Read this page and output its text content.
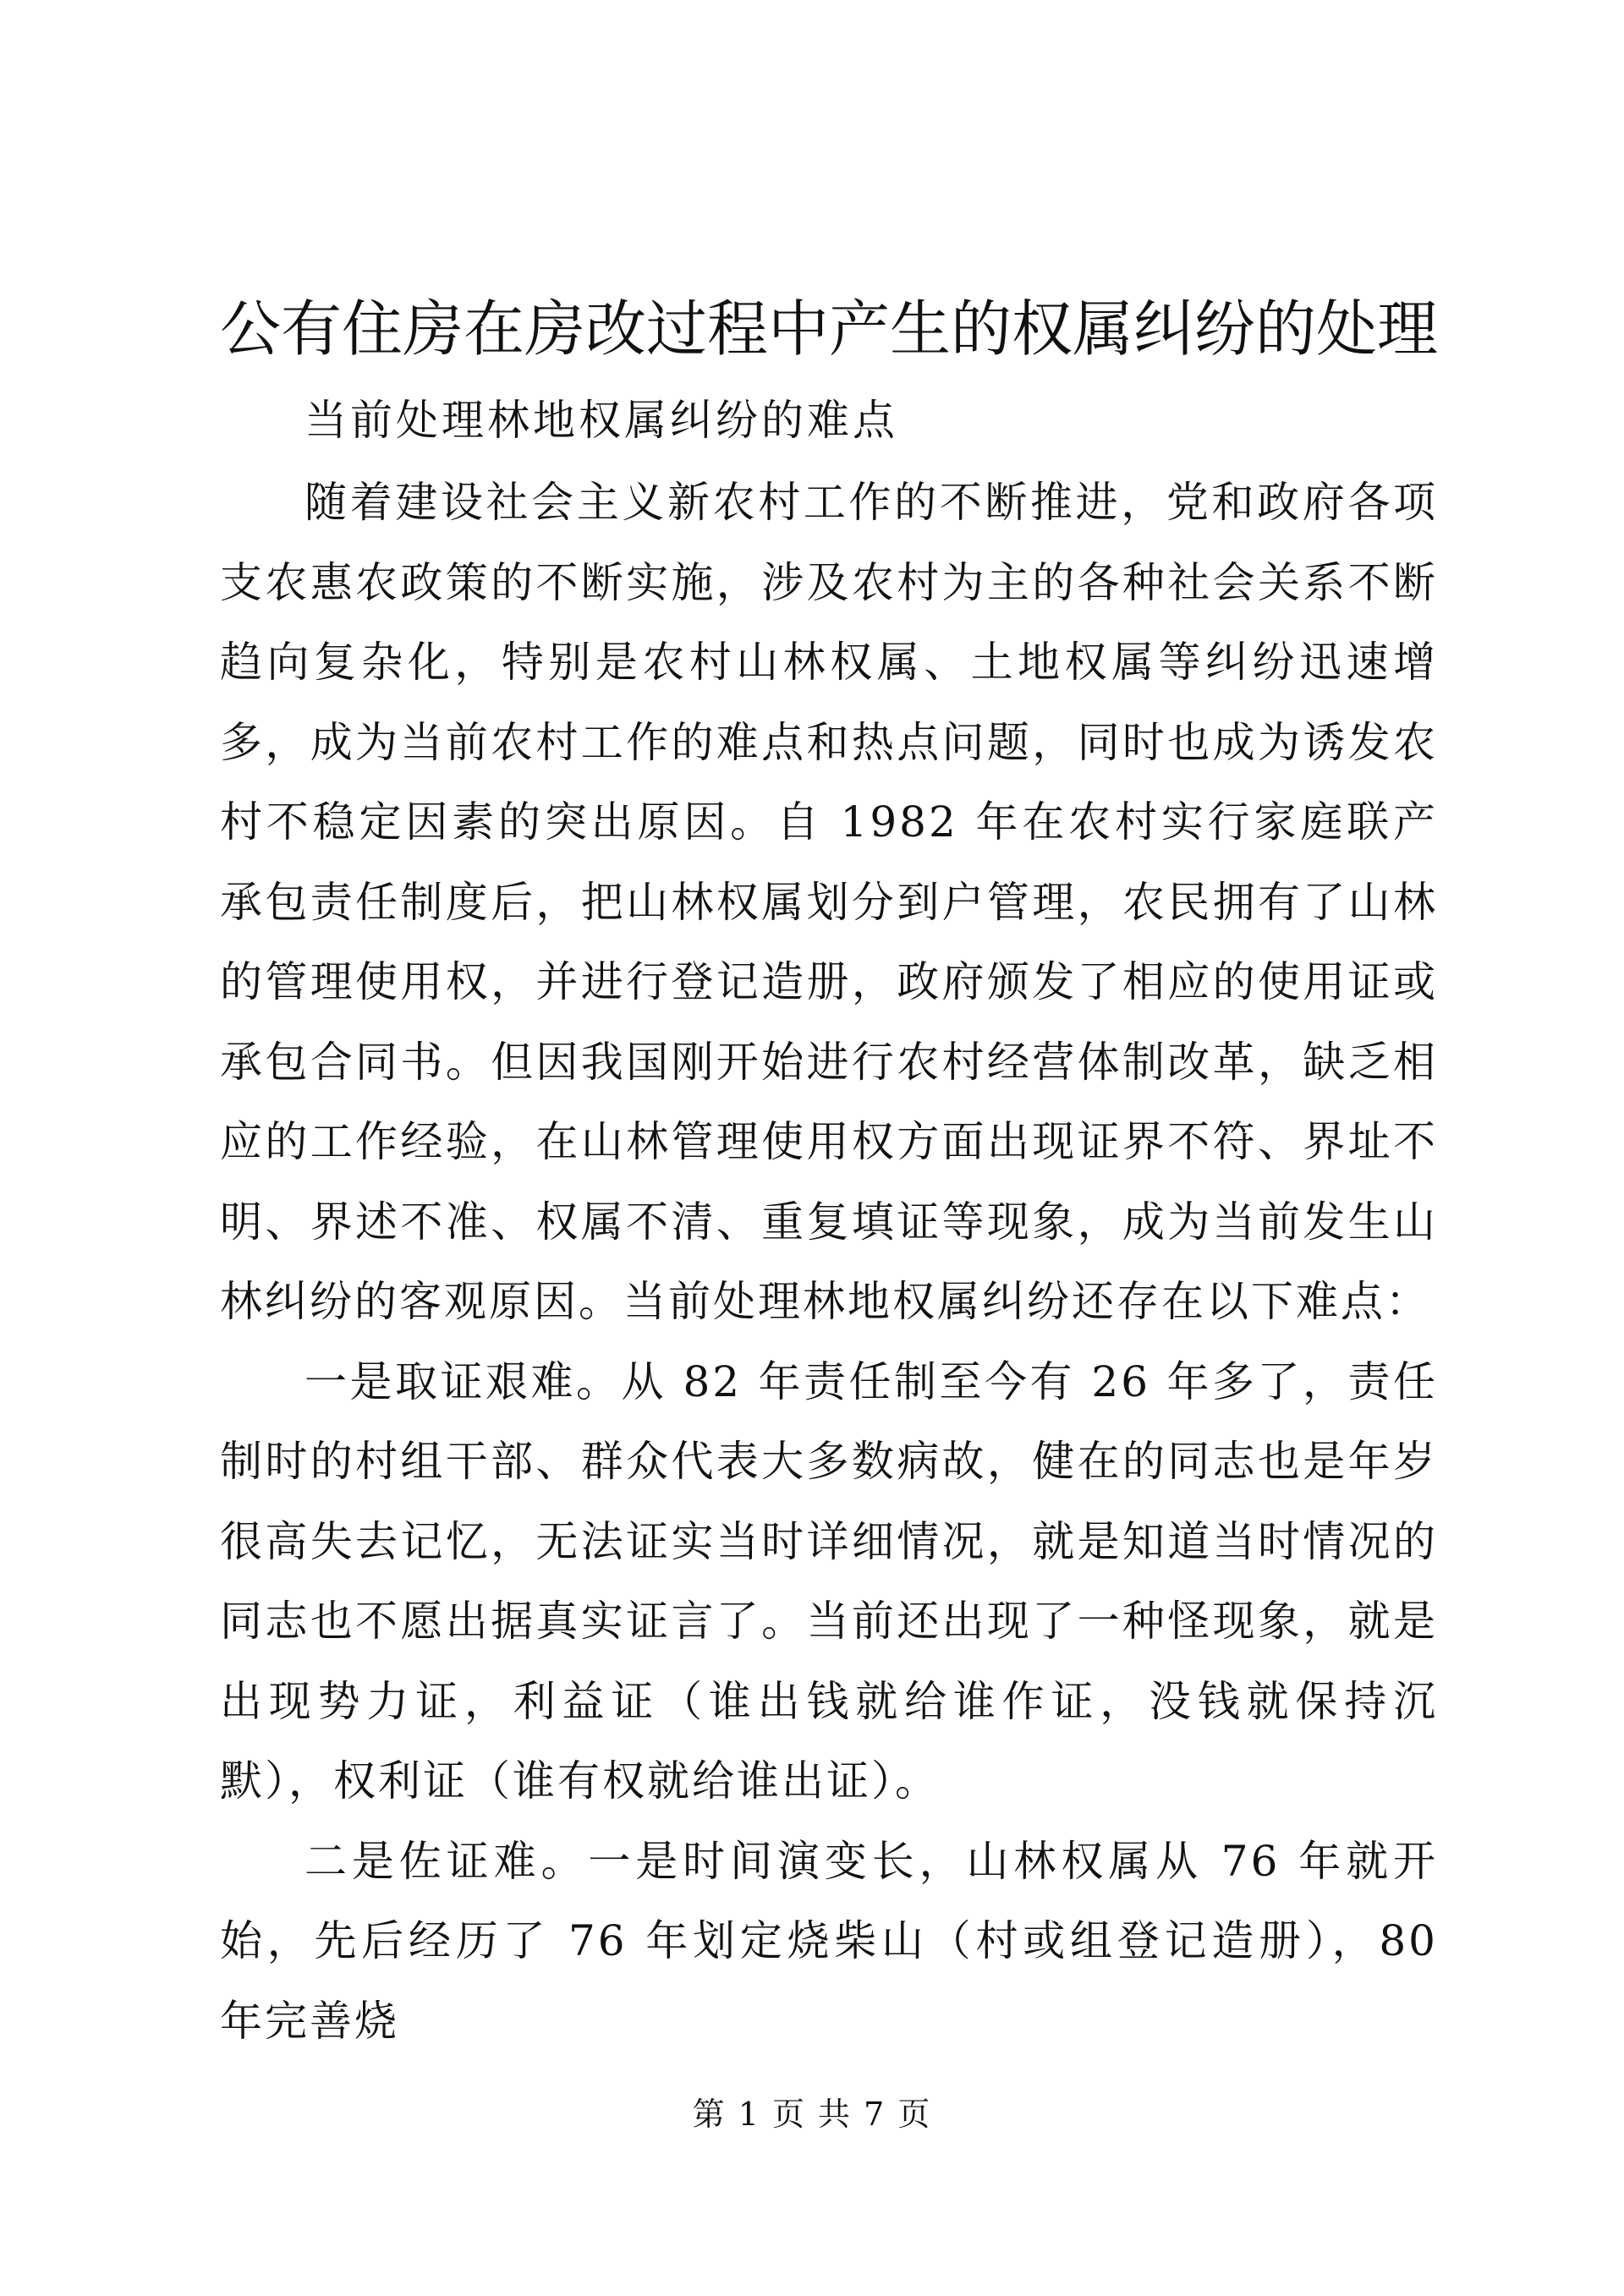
公有住房在房改过程中产生的权属纠纷的处理
当前处理林地权属纠纷的难点

随着建设社会主义新农村工作的不断推进，党和政府各项支农惠农政策的不断实施，涉及农村为主的各种社会关系不断趋向复杂化，特别是农村山林权属、土地权属等纠纷迅速增多，成为当前农村工作的难点和热点问题，同时也成为诱发农村不稳定因素的突出原因。自 1982 年在农村实行家庭联产承包责任制度后，把山林权属划分到户管理，农民拥有了山林的管理使用权，并进行登记造册，政府颁发了相应的使用证或承包合同书。但因我国刚开始进行农村经营体制改革，缺乏相应的工作经验，在山林管理使用权方面出现证界不符、界址不明、界述不准、权属不清、重复填证等现象，成为当前发生山林纠纷的客观原因。当前处理林地权属纠纷还存在以下难点：

一是取证艰难。从 82 年责任制至今有 26 年多了，责任制时的村组干部、群众代表大多数病故，健在的同志也是年岁很高失去记忆，无法证实当时详细情况，就是知道当时情况的同志也不愿出据真实证言了。当前还出现了一种怪现象，就是出现势力证，利益证（谁出钱就给谁作证，没钱就保持沉默），权利证（谁有权就给谁出证）。

二是佐证难。一是时间演变长，山林权属从 76 年就开始，先后经历了 76 年划定烧柴山（村或组登记造册），80 年完善烧

第 1 页 共 7 页
